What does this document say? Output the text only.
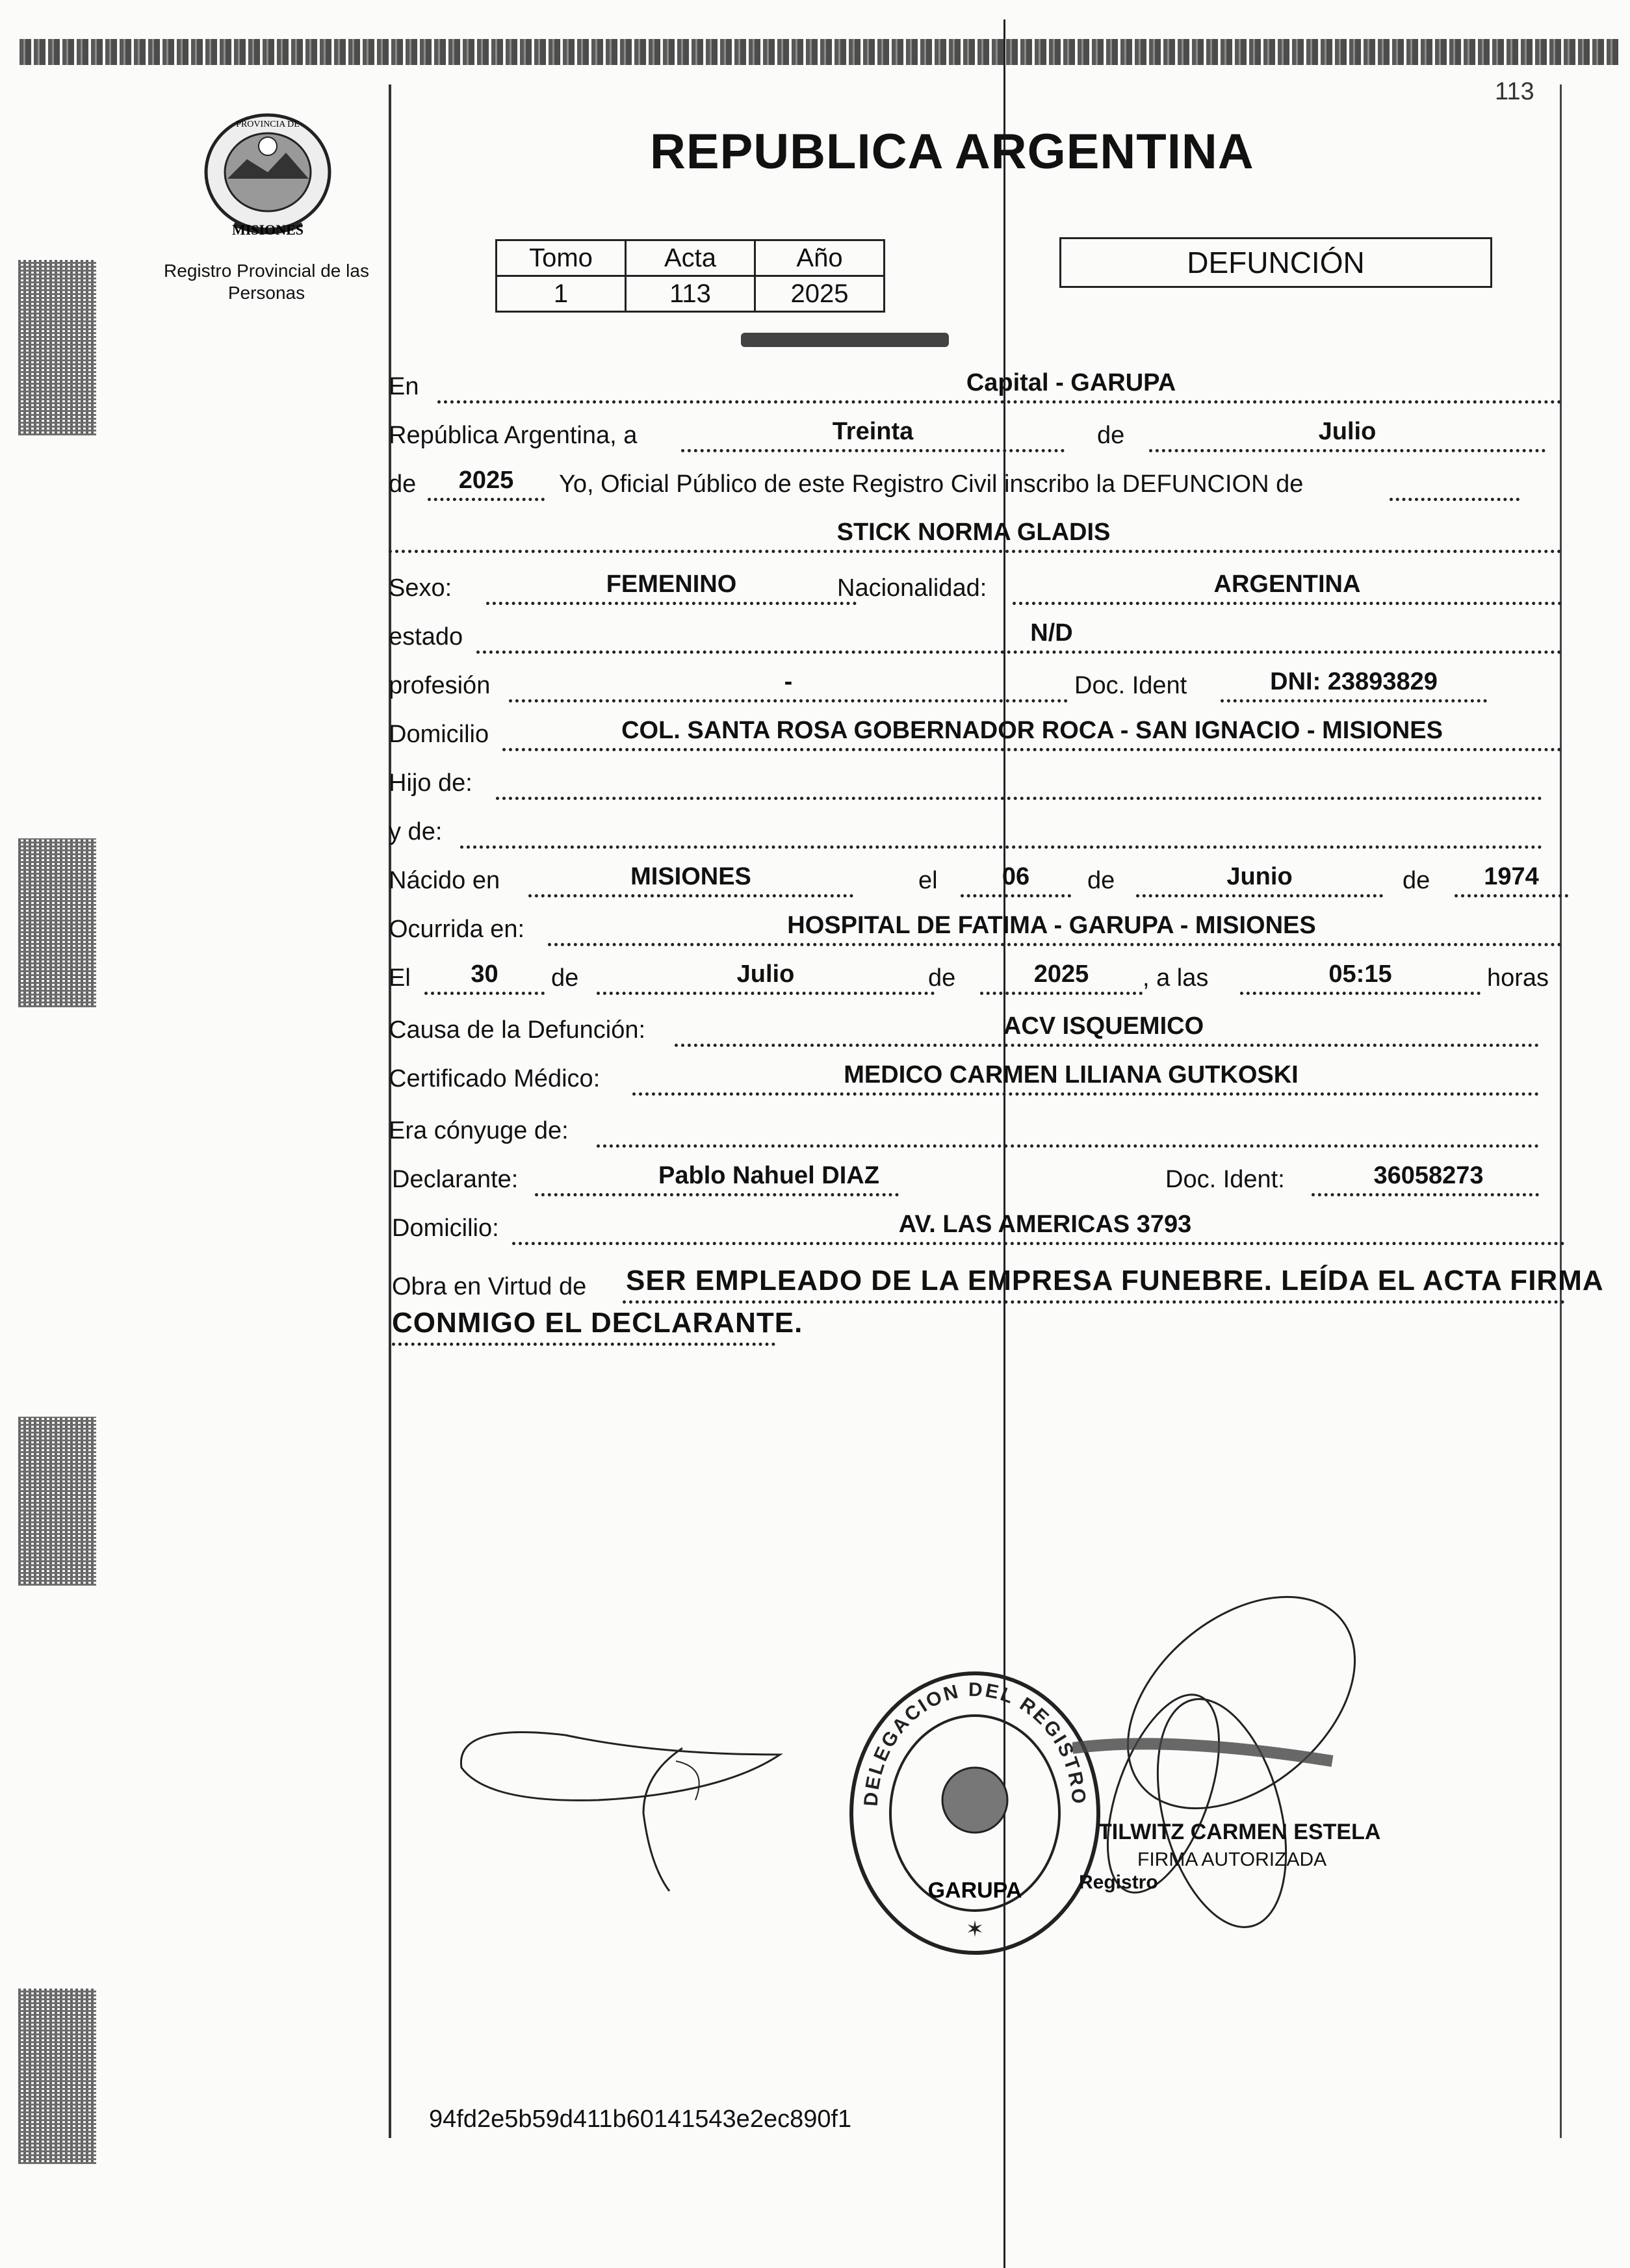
113
MISIONES
PROVINCIA DE
Registro Provincial de las Personas
REPUBLICA ARGENTINA
Tomo	Acta	Año
1	113	2025
DEFUNCIÓN
En	Capital - GARUPA
República Argentina, a	Treinta	de	Julio
de	2025	Yo, Oficial Público de este Registro Civil inscribo la DEFUNCION de
STICK NORMA GLADIS
Sexo:	FEMENINO	Nacionalidad:	ARGENTINA
estado	N/D
profesión	-	Doc. Ident	DNI: 23893829
Domicilio	COL. SANTA ROSA GOBERNADOR ROCA - SAN IGNACIO - MISIONES
Hijo de:
y de:
Nácido en	MISIONES	el	06	de	Junio	de	1974
Ocurrida en:	HOSPITAL DE FATIMA - GARUPA - MISIONES
El	30	de	Julio	de	2025	, a las	05:15	horas
Causa de la Defunción:	ACV ISQUEMICO
Certificado Médico:	MEDICO CARMEN LILIANA GUTKOSKI
Era cónyuge de:
Declarante:	Pablo Nahuel DIAZ	Doc. Ident:	36058273
Domicilio:	AV. LAS AMERICAS 3793
Obra en Virtud de SER EMPLEADO DE LA EMPRESA FUNEBRE. LEÍDA EL ACTA FIRMA
CONMIGO EL DECLARANTE.
DELEGACION DEL REGISTRO
GARUPA
✶
TILWITZ CARMEN ESTELA
FIRMA AUTORIZADA
Registro
94fd2e5b59d411b60141543e2ec890f1
